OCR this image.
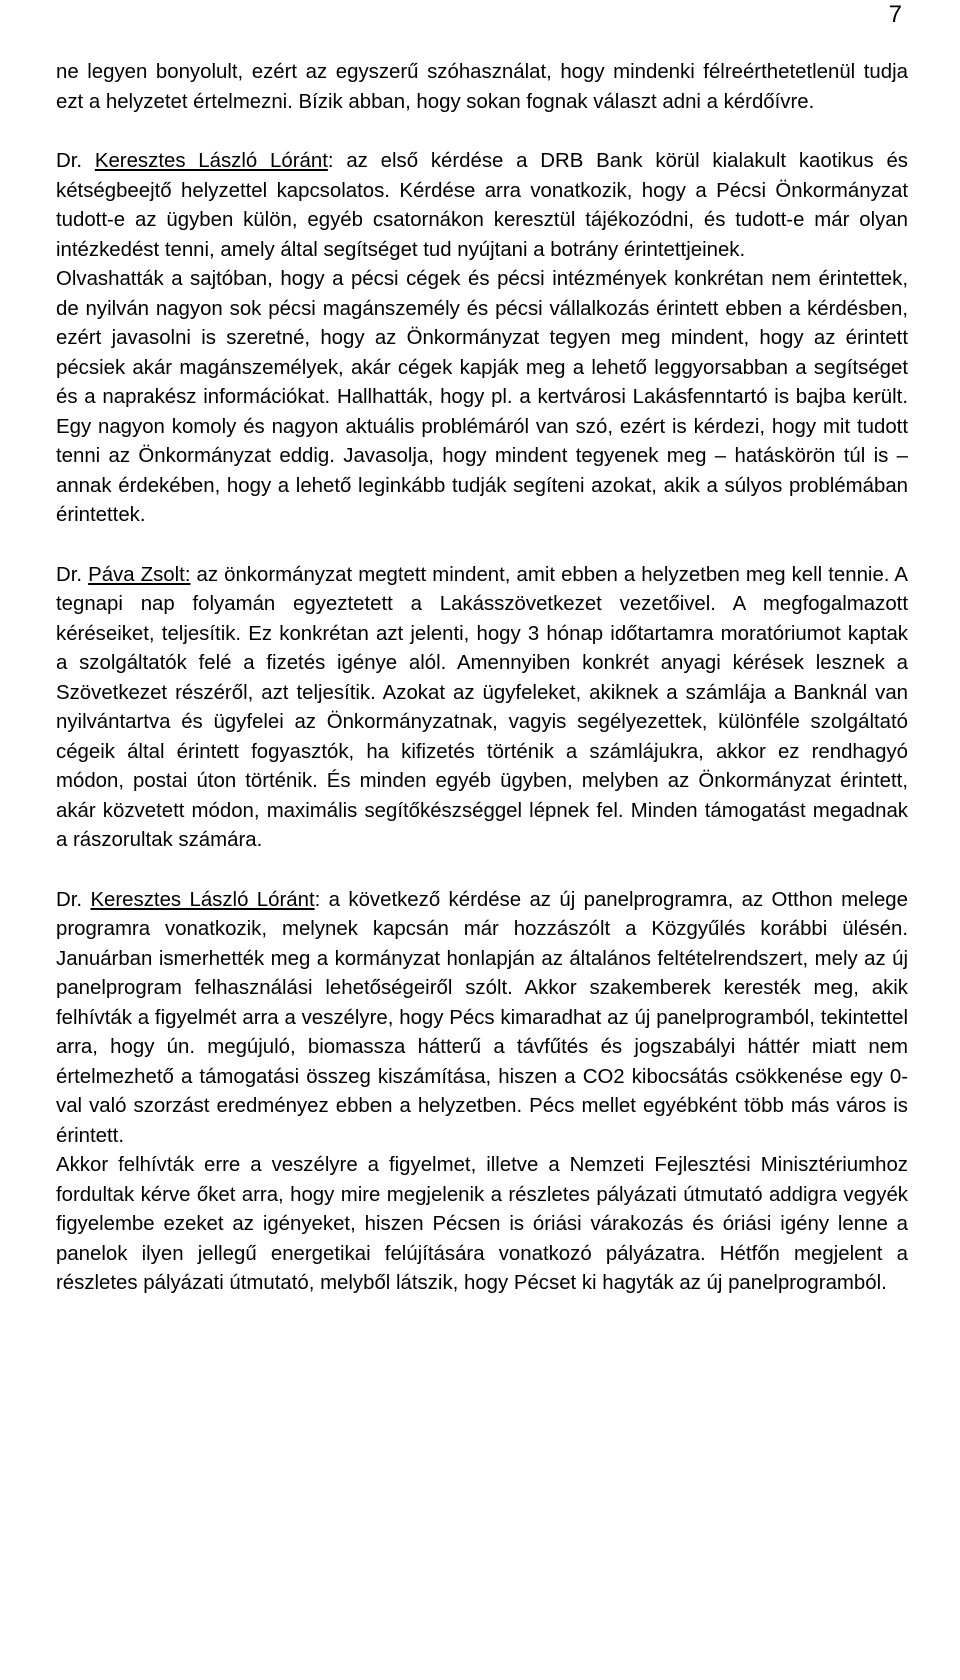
7

ne legyen bonyolult, ezért az egyszerű szóhasználat, hogy mindenki félreérthetetlenül tudja ezt a helyzetet értelmezni. Bízik abban, hogy sokan fognak választ adni a kérdőívre.

Dr. Keresztes László Lóránt: az első kérdése a DRB Bank körül kialakult kaotikus és kétségbeejtő helyzettel kapcsolatos. Kérdése arra vonatkozik, hogy a Pécsi Önkormányzat tudott-e az ügyben külön, egyéb csatornákon keresztül tájékozódni, és tudott-e már olyan intézkedést tenni, amely által segítséget tud nyújtani a botrány érintettjeinek.

Olvashatták a sajtóban, hogy a pécsi cégek és pécsi intézmények konkrétan nem érintettek, de nyilván nagyon sok pécsi magánszemély és pécsi vállalkozás érintett ebben a kérdésben, ezért javasolni is szeretné, hogy az Önkormányzat tegyen meg mindent, hogy az érintett pécsiek akár magánszemélyek, akár cégek kapják meg a lehető leggyorsabban a segítséget és a naprakész információkat. Hallhatták, hogy pl. a kertvárosi Lakásfenntartó is bajba került. Egy nagyon komoly és nagyon aktuális problémáról van szó, ezért is kérdezi, hogy mit tudott tenni az Önkormányzat eddig. Javasolja, hogy mindent tegyenek meg – hatáskörön túl is – annak érdekében, hogy a lehető leginkább tudják segíteni azokat, akik a súlyos problémában érintettek.

Dr. Páva Zsolt: az önkormányzat megtett mindent, amit ebben a helyzetben meg kell tennie. A tegnapi nap folyamán egyeztetett a Lakásszövetkezet vezetőivel. A megfogalmazott kéréseiket, teljesítik. Ez konkrétan azt jelenti, hogy 3 hónap időtartamra moratóriumot kaptak a szolgáltatók felé a fizetés igénye alól. Amennyiben konkrét anyagi kérések lesznek a Szövetkezet részéről, azt teljesítik. Azokat az ügyfeleket, akiknek a számlája a Banknál van nyilvántartva és ügyfelei az Önkormányzatnak, vagyis segélyezettek, különféle szolgáltató cégeik által érintett fogyasztók, ha kifizetés történik a számlájukra, akkor ez rendhagyó módon, postai úton történik. És minden egyéb ügyben, melyben az Önkormányzat érintett, akár közvetett módon, maximális segítőkészséggel lépnek fel. Minden támogatást megadnak a rászorultak számára.

Dr. Keresztes László Lóránt: a következő kérdése az új panelprogramra, az Otthon melege programra vonatkozik, melynek kapcsán már hozzászólt a Közgyűlés korábbi ülésén. Januárban ismerhették meg a kormányzat honlapján az általános feltételrendszert, mely az új panelprogram felhasználási lehetőségeiről szólt. Akkor szakemberek keresték meg, akik felhívták a figyelmét arra a veszélyre, hogy Pécs kimaradhat az új panelprogramból, tekintettel arra, hogy ún. megújuló, biomassza hátterű a távfűtés és jogszabályi háttér miatt nem értelmezhető a támogatási összeg kiszámítása, hiszen a CO2 kibocsátás csökkenése egy 0-val való szorzást eredményez ebben a helyzetben. Pécs mellet egyébként több más város is érintett.

Akkor felhívták erre a veszélyre a figyelmet, illetve a Nemzeti Fejlesztési Minisztériumhoz fordultak kérve őket arra, hogy mire megjelenik a részletes pályázati útmutató addigra vegyék figyelembe ezeket az igényeket, hiszen Pécsen is óriási várakozás és óriási igény lenne a panelok ilyen jellegű energetikai felújítására vonatkozó pályázatra. Hétfőn megjelent a részletes pályázati útmutató, melyből látszik, hogy Pécset ki hagyták az új panelprogramból.
